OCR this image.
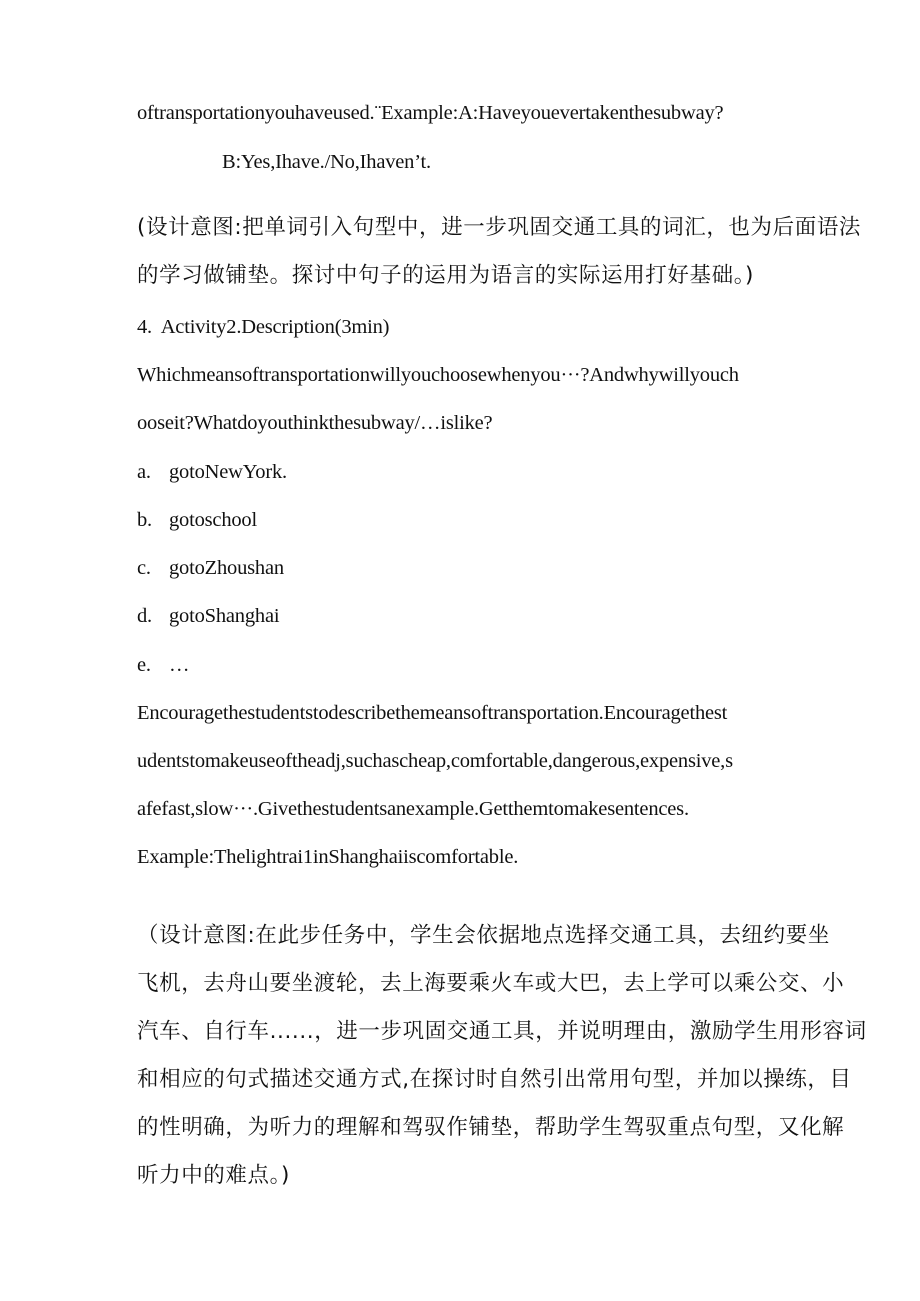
oftransportationyouhaveused.¨Example:A:Haveyouevertakenthesubway?
B:Yes,Ihave./No,Ihaven’t.
(设计意图:把单词引入句型中，进一步巩固交通工具的词汇，也为后面语法
的学习做铺垫。探讨中句子的运用为语言的实际运用打好基础。)
4.  Activity2.Description(3min)
Whichmeansoftransportationwillyouchoosewhenyou···?Andwhywillyouch
ooseit?Whatdoyouthinkthesubway/…islike?
a. gotoNewYork.
b. gotoschool
c. gotoZhoushan
d. gotoShanghai
e. …
Encouragethestudentstodescribethemeansoftransportation.Encouragethest
udentstomakeuseoftheadj,suchascheap,comfortable,dangerous,expensive,s
afefast,slow···.Givethestudentsanexample.Getthemtomakesentences.
Example:Thelightrai1inShanghaiiscomfortable.
（设计意图:在此步任务中，学生会依据地点选择交通工具，去纽约要坐
飞机，去舟山要坐渡轮，去上海要乘火车或大巴，去上学可以乘公交、小
汽车、自行车......，进一步巩固交通工具，并说明理由，激励学生用形容词
和相应的句式描述交通方式,在探讨时自然引出常用句型，并加以操练，目
的性明确，为听力的理解和驾驭作铺垫，帮助学生驾驭重点句型，又化解
听力中的难点。)
